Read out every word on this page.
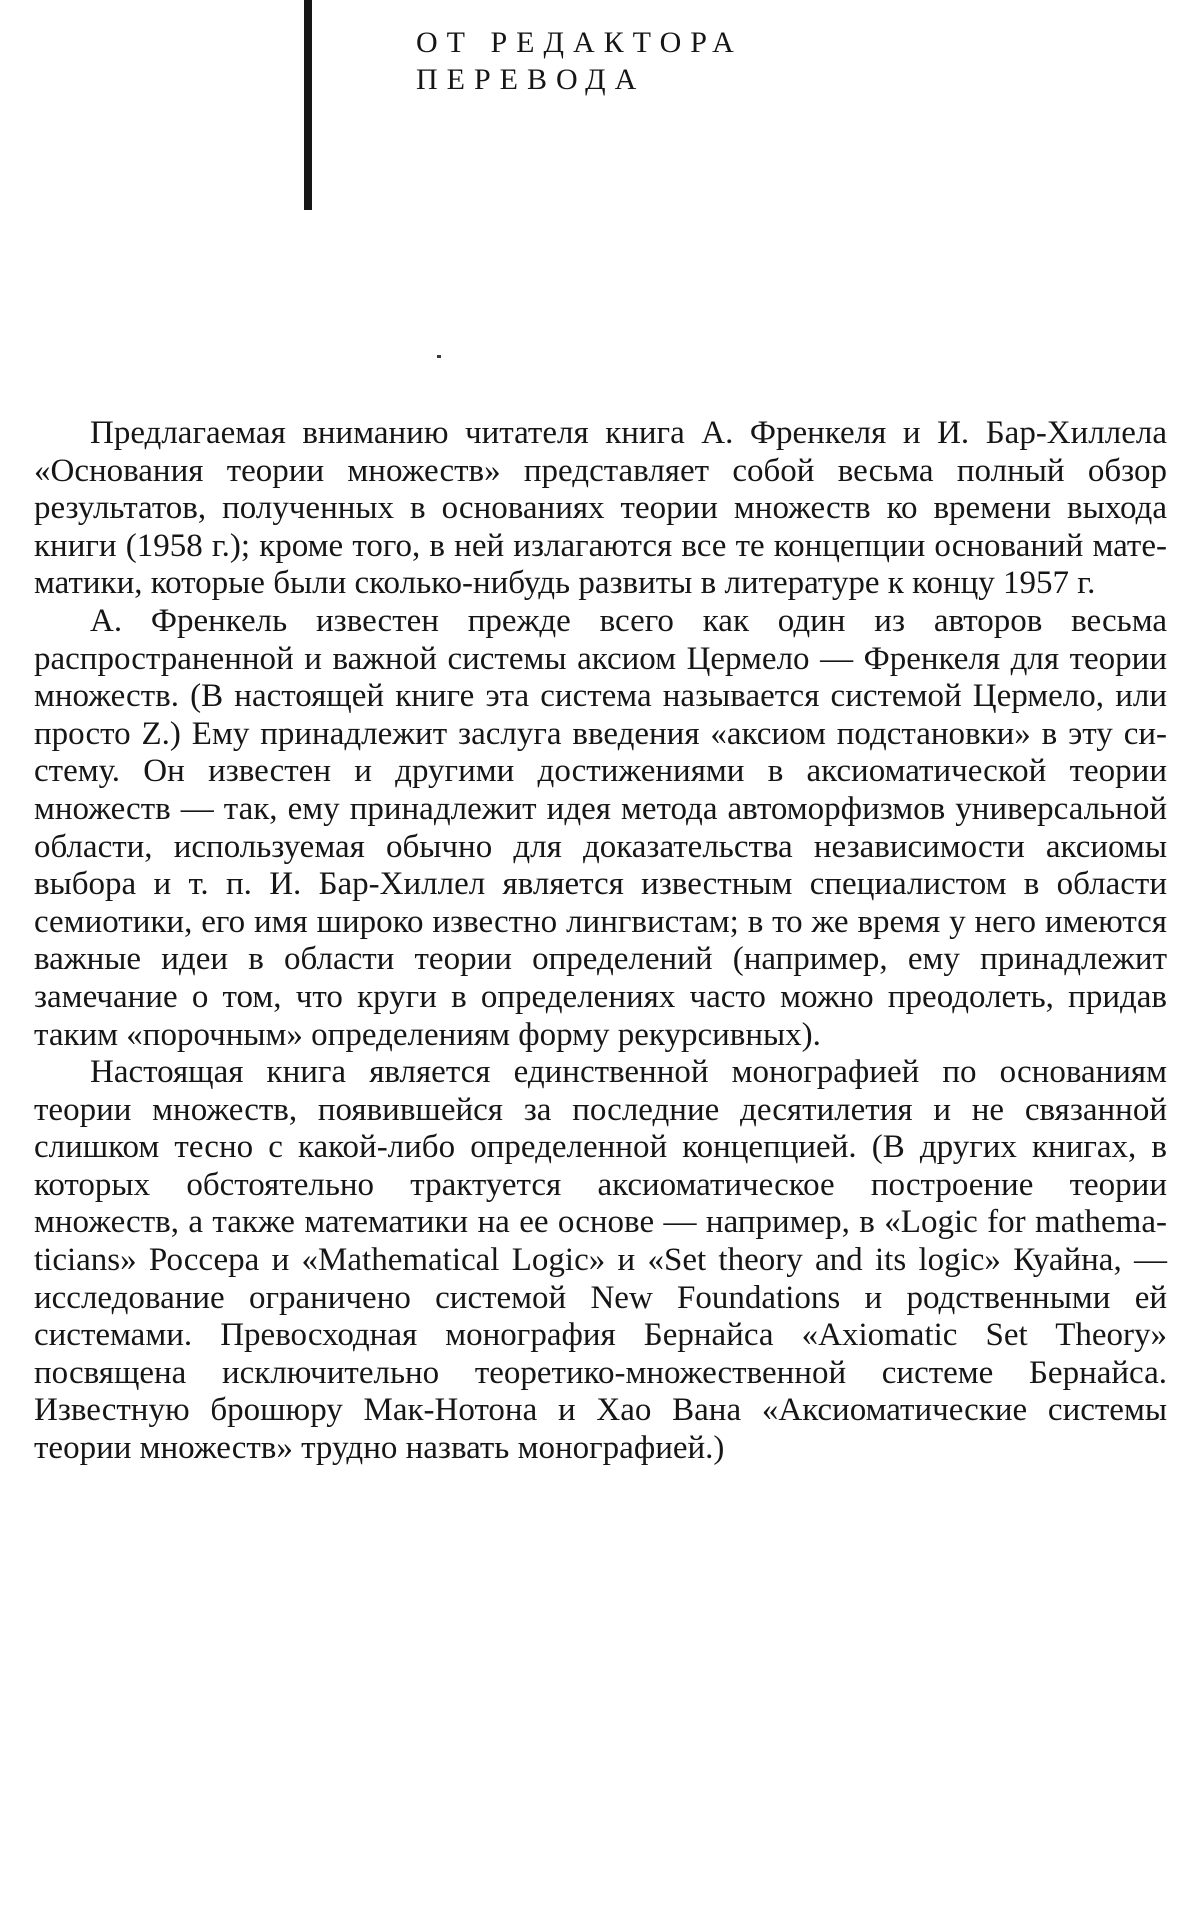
ОТ РЕДАКТОРА
ПЕРЕВОДА

Предлагаемая вниманию читателя книга А. Френкеля и И. Бар-Хиллела «Основания теории множеств» представляет собой весьма полный обзор результатов, полученных в основаниях теории множеств ко времени выхода книги (1958 г.); кроме того, в ней излагаются все те концепции оснований математики, которые были сколько-нибудь развиты в литературе к концу 1957 г.

А. Френкель известен прежде всего как один из авторов весьма распространенной и важной системы аксиом Цермело — Френкеля для теории множеств. (В настоящей книге эта система называется системой Цермело, или просто Z.) Ему принадлежит заслуга введения «аксиом подстановки» в эту систему. Он известен и другими достижениями в аксиоматической теории множеств — так, ему принадлежит идея метода автоморфизмов универсальной области, используемая обычно для доказательства независимости аксиомы выбора и т. п. И. Бар-Хиллел является известным специалистом в области семиотики, его имя широко известно лингвистам; в то же время у него имеются важные идеи в области теории определений (например, ему принадлежит замечание о том, что круги в определениях часто можно преодолеть, придав таким «порочным» определениям форму рекурсивных).

Настоящая книга является единственной монографией по основаниям теории множеств, появившейся за последние десятилетия и не связанной слишком тесно с какой-либо определенной концепцией. (В других книгах, в которых обстоятельно трактуется аксиоматическое построение теории множеств, а также математики на ее основе — например, в «Logic for mathematicians» Россера и «Mathematical Logic» и «Set theory and its logic» Куайна, — исследование ограничено системой New Foundations и родственными ей системами. Превосходная монография Бернайса «Axiomatic Set Theory» посвящена исключительно теоретико-множественной системе Бернайса. Известную брошюру Мак-Нотона и Хао Вана «Аксиоматические системы теории множеств» трудно назвать монографией.)
